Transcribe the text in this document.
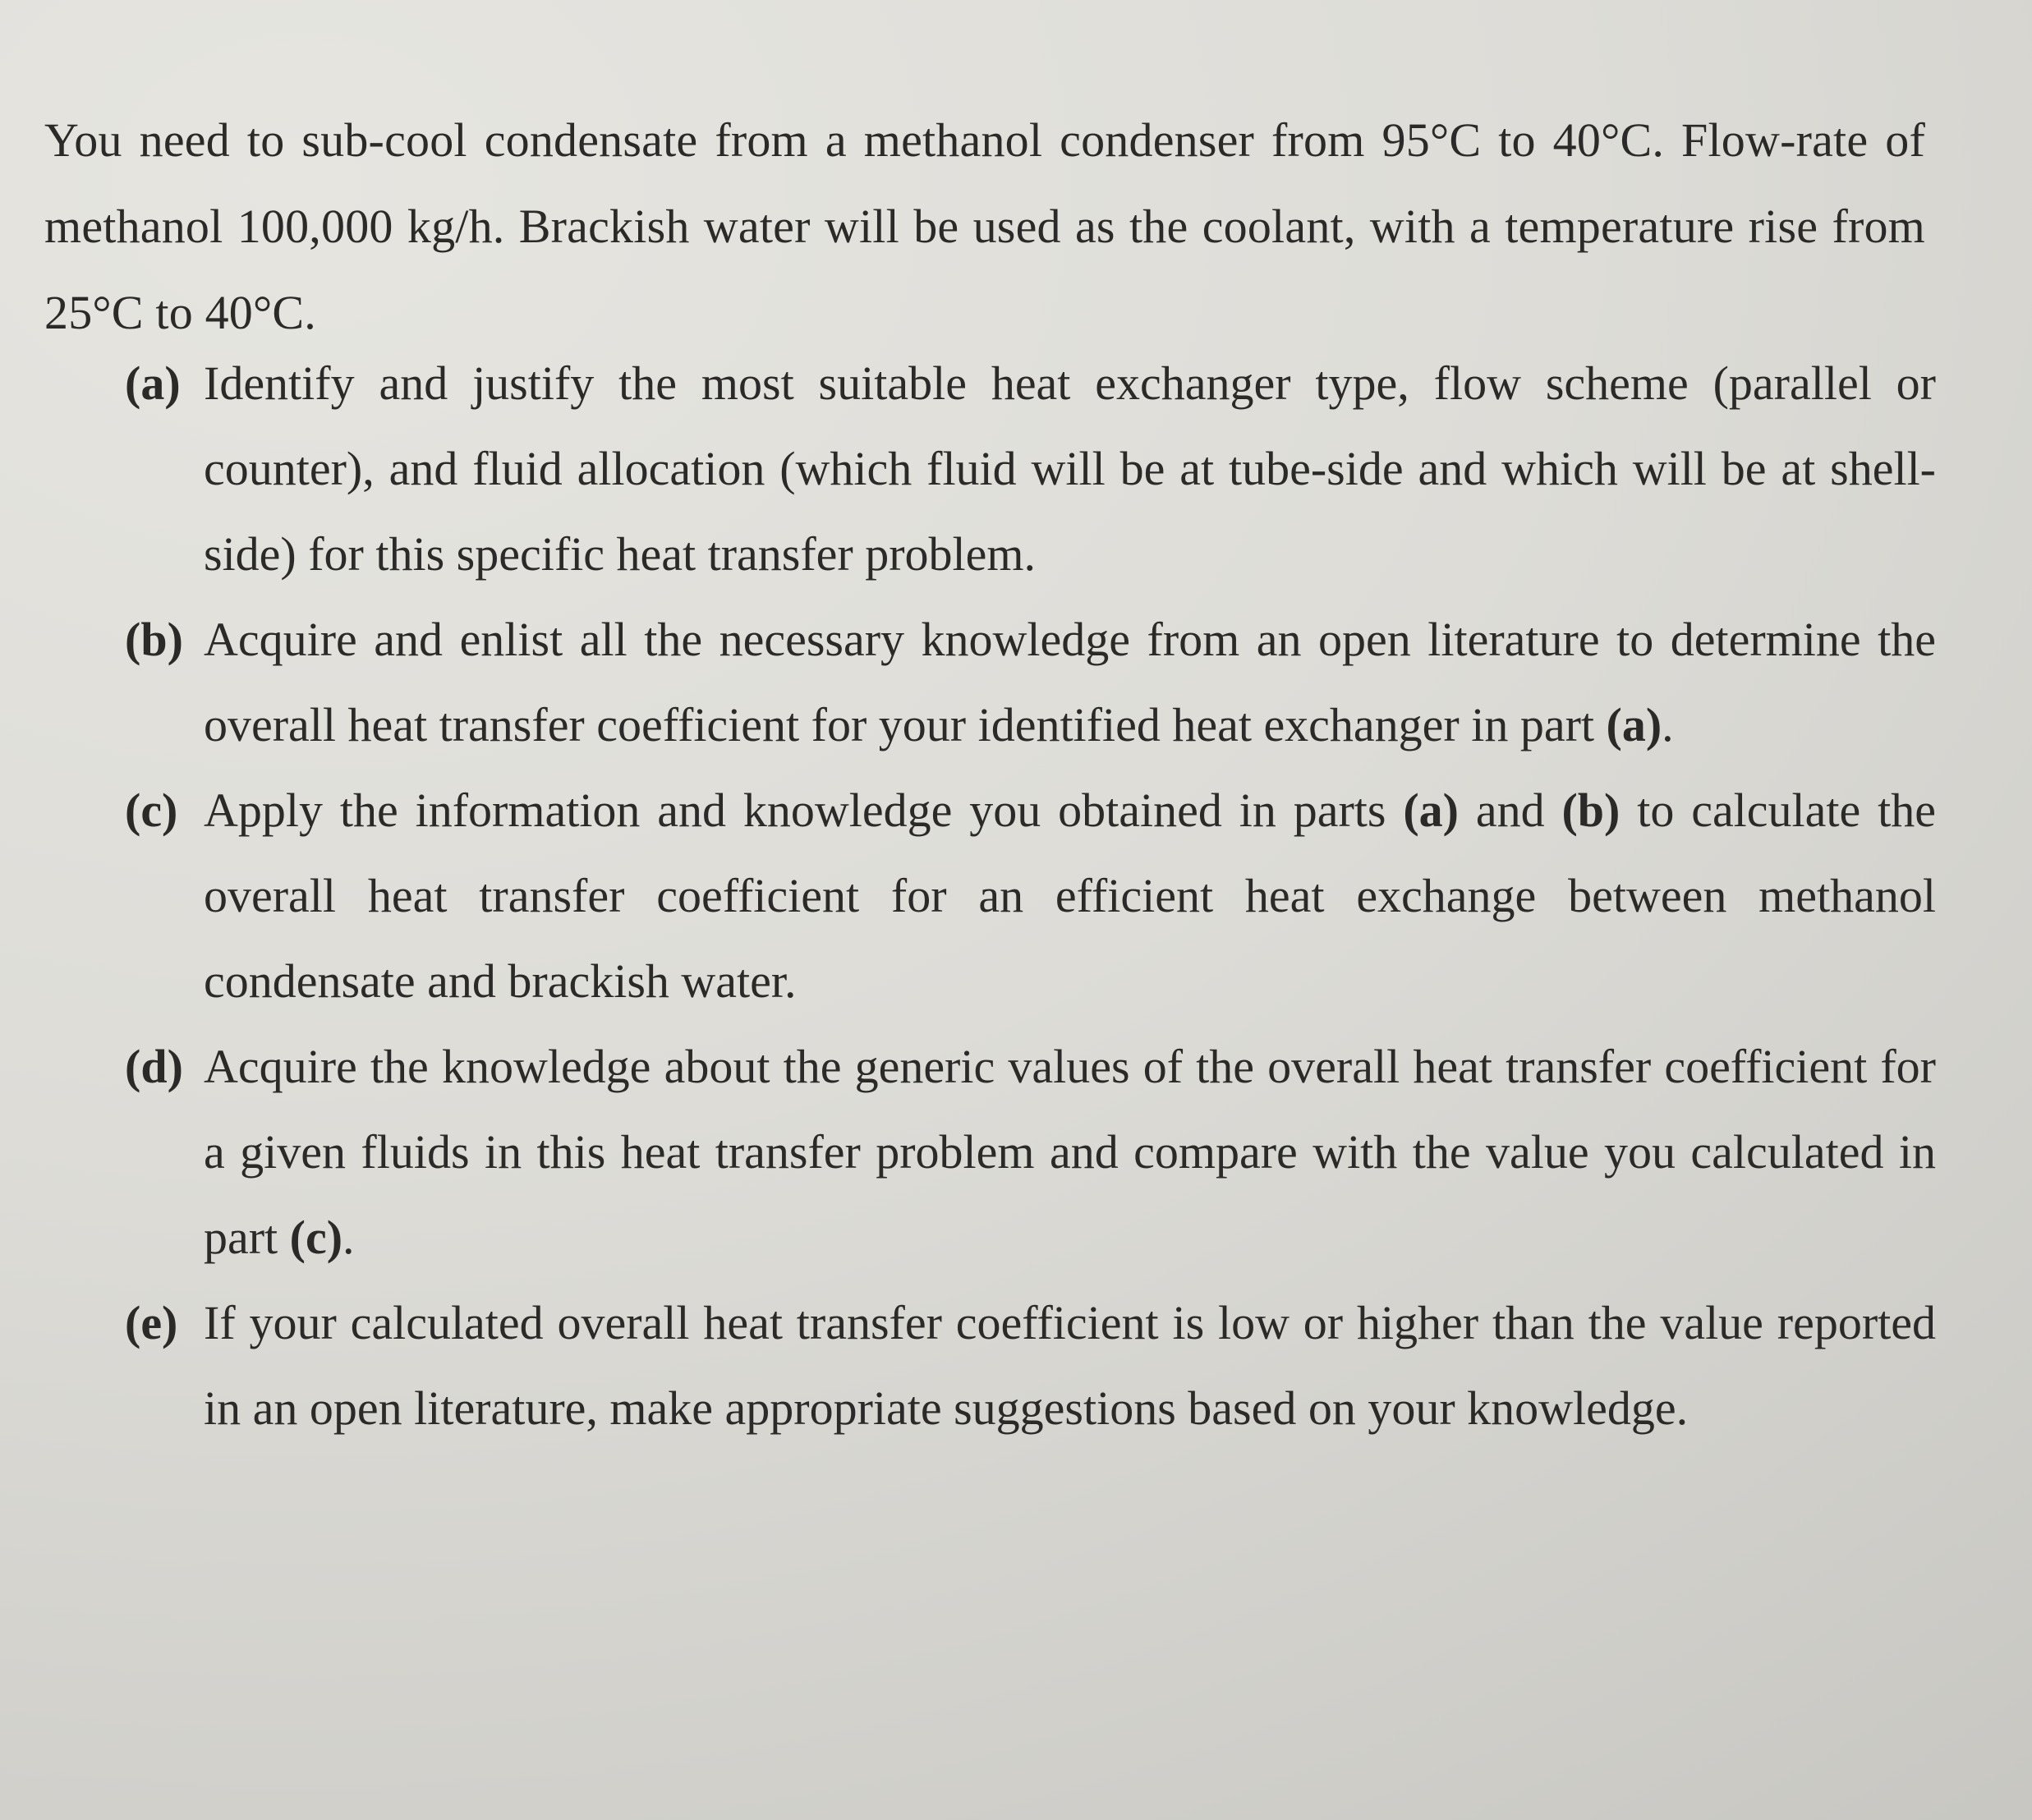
You need to sub-cool condensate from a methanol condenser from 95°C to 40°C. Flow-rate of methanol 100,000 kg/h. Brackish water will be used as the coolant, with a temperature rise from 25°C to 40°C.

(a) Identify and justify the most suitable heat exchanger type, flow scheme (parallel or counter), and fluid allocation (which fluid will be at tube-side and which will be at shell-side) for this specific heat transfer problem.
(b) Acquire and enlist all the necessary knowledge from an open literature to determine the overall heat transfer coefficient for your identified heat exchanger in part (a).
(c) Apply the information and knowledge you obtained in parts (a) and (b) to calculate the overall heat transfer coefficient for an efficient heat exchange between methanol condensate and brackish water.
(d) Acquire the knowledge about the generic values of the overall heat transfer coefficient for a given fluids in this heat transfer problem and compare with the value you calculated in part (c).
(e) If your calculated overall heat transfer coefficient is low or higher than the value reported in an open literature, make appropriate suggestions based on your knowledge.
